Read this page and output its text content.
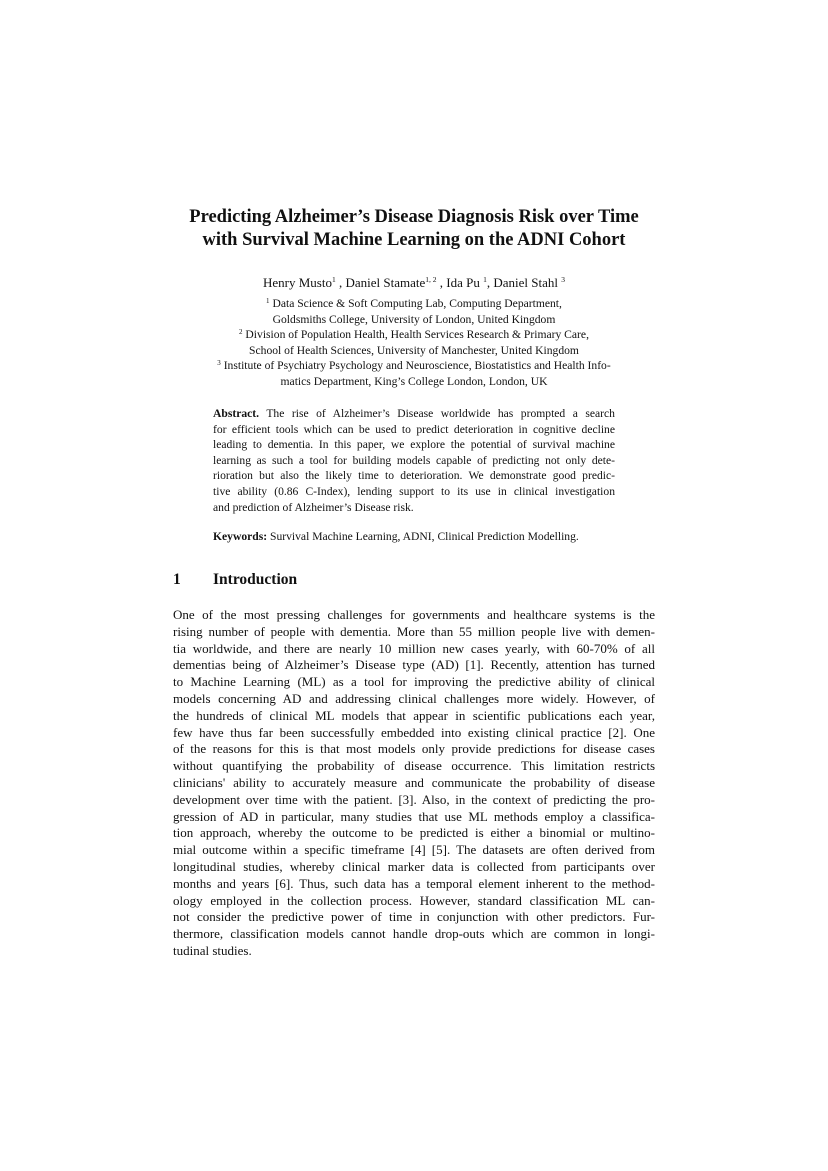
Predicting Alzheimer’s Disease Diagnosis Risk over Time
with Survival Machine Learning on the ADNI Cohort
Henry Musto$^1$ , Daniel Stamate$^{1, 2}$ , Ida Pu $^1$, Daniel Stahl $^3$
$^1$ Data Science & Soft Computing Lab, Computing Department,
Goldsmiths College, University of London, United Kingdom
$^2$ Division of Population Health, Health Services Research & Primary Care,
School of Health Sciences, University of Manchester, United Kingdom
$^3$ Institute of Psychiatry Psychology and Neuroscience, Biostatistics and Health Info-
matics Department, King’s College London, London, UK
Abstract. The rise of Alzheimer’s Disease worldwide has prompted a search
for efficient tools which can be used to predict deterioration in cognitive decline
leading to dementia. In this paper, we explore the potential of survival machine
learning as such a tool for building models capable of predicting not only dete-
rioration but also the likely time to deterioration. We demonstrate good predic-
tive ability (0.86 C-Index), lending support to its use in clinical investigation
and prediction of Alzheimer’s Disease risk.
Keywords: Survival Machine Learning, ADNI, Clinical Prediction Modelling.
1 Introduction
One of the most pressing challenges for governments and healthcare systems is the
rising number of people with dementia. More than 55 million people live with demen-
tia worldwide, and there are nearly 10 million new cases yearly, with 60-70% of all
dementias being of Alzheimer’s Disease type (AD) [1]. Recently, attention has turned
to Machine Learning (ML) as a tool for improving the predictive ability of clinical
models concerning AD and addressing clinical challenges more widely. However, of
the hundreds of clinical ML models that appear in scientific publications each year,
few have thus far been successfully embedded into existing clinical practice [2]. One
of the reasons for this is that most models only provide predictions for disease cases
without quantifying the probability of disease occurrence. This limitation restricts
clinicians' ability to accurately measure and communicate the probability of disease
development over time with the patient. [3]. Also, in the context of predicting the pro-
gression of AD in particular, many studies that use ML methods employ a classifica-
tion approach, whereby the outcome to be predicted is either a binomial or multino-
mial outcome within a specific timeframe [4] [5]. The datasets are often derived from
longitudinal studies, whereby clinical marker data is collected from participants over
months and years [6]. Thus, such data has a temporal element inherent to the method-
ology employed in the collection process. However, standard classification ML can-
not consider the predictive power of time in conjunction with other predictors. Fur-
thermore, classification models cannot handle drop-outs which are common in longi-
tudinal studies.
